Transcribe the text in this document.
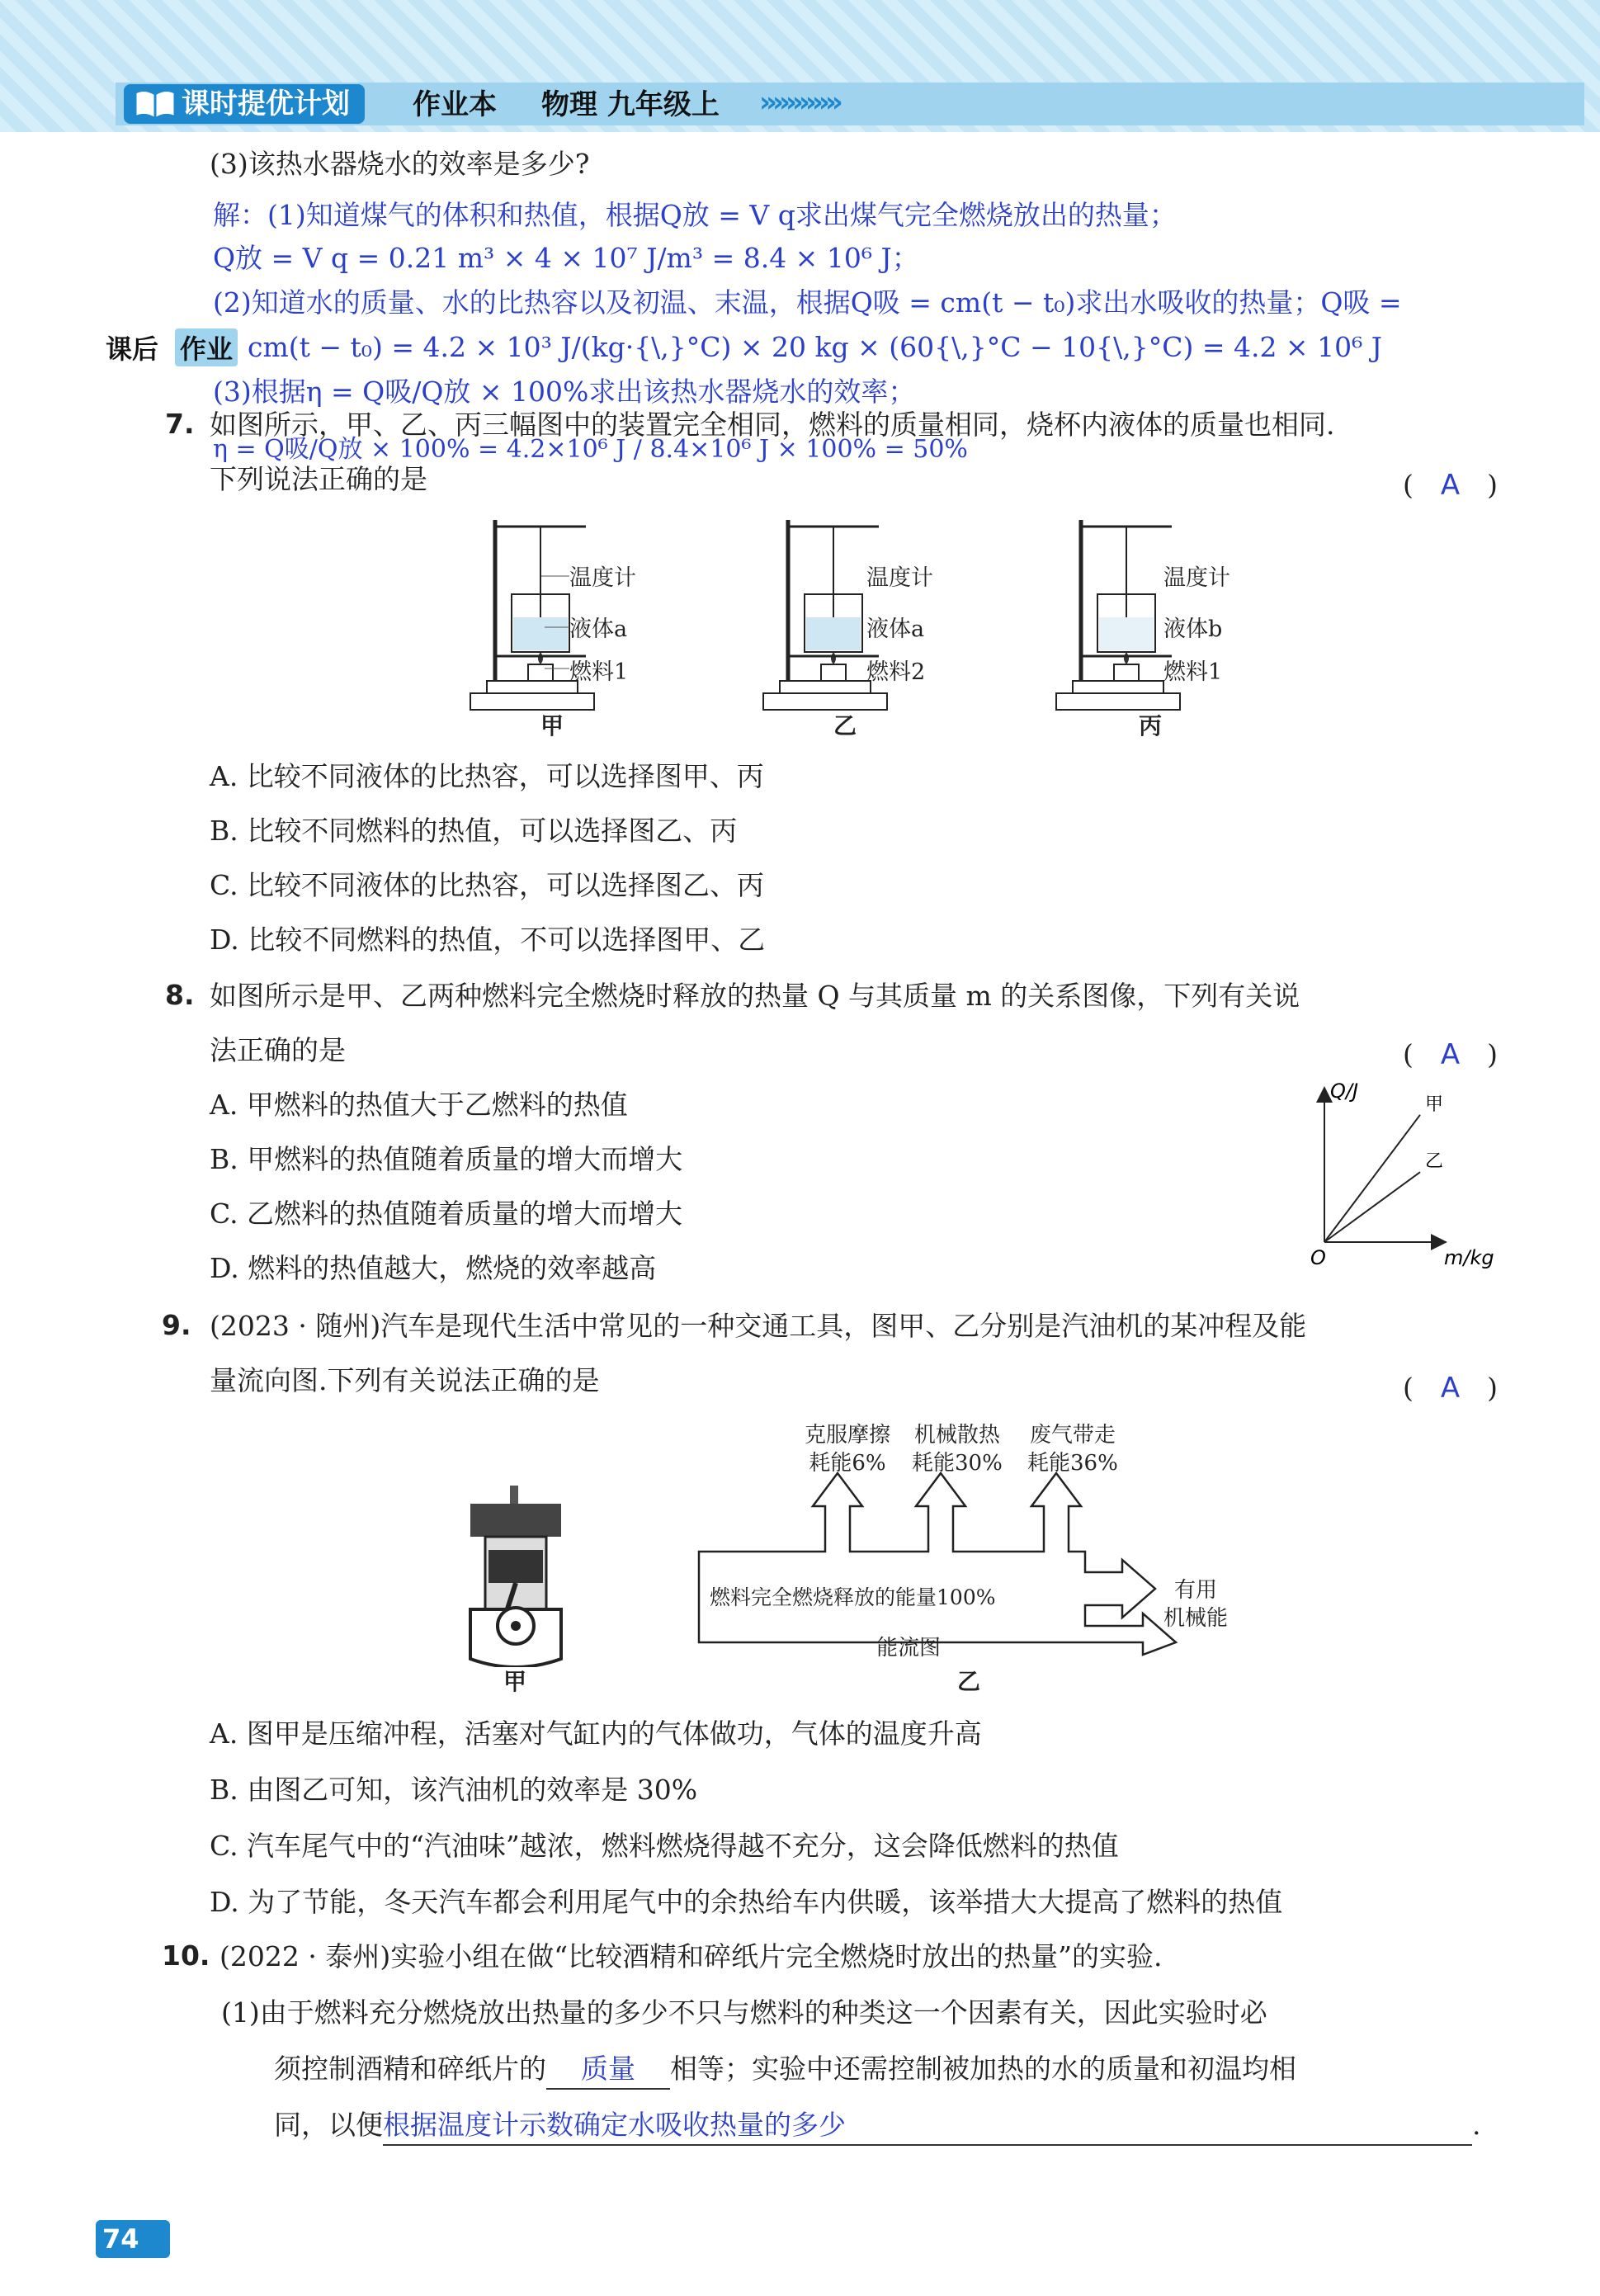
课时提优计划	作业本 物理 九年级上 »»»»»»
(3)该热水器烧水的效率是多少?
解：(1)知道煤气的体积和热值，根据Q放 = V q求出煤气完全燃烧放出的热量；
Q放 = V q = 0.21 m³ × 4 × 10⁷ J/m³ = 8.4 × 10⁶ J；
(2)知道水的质量、水的比热容以及初温、末温，根据Q吸 = cm(t − t₀)求出水吸收的热量；Q吸 =
课后 作业 cm(t − t₀) = 4.2 × 10³ J/(kg·{\,}°C) × 20 kg × (60{\,}°C − 10{\,}°C) = 4.2 × 10⁶ J
(3)根据η = Q吸/Q放 × 100%求出该热水器烧水的效率；
η = Q吸/Q放 × 100% = 4.2×10⁶ J / 8.4×10⁶ J × 100% = 50%
7. 如图所示，甲、乙、丙三幅图中的装置完全相同，燃料的质量相同，烧杯内液体的质量也相同.
下列说法正确的是	(　A　)
温度计
液体a
燃料1
甲
温度计
液体a
燃料2
乙
温度计
液体b
燃料1
丙
A. 比较不同液体的比热容，可以选择图甲、丙
B. 比较不同燃料的热值，可以选择图乙、丙
C. 比较不同液体的比热容，可以选择图乙、丙
D. 比较不同燃料的热值，不可以选择图甲、乙
8. 如图所示是甲、乙两种燃料完全燃烧时释放的热量 Q 与其质量 m 的关系图像，下列有关说
法正确的是	(　A　)
A. 甲燃料的热值大于乙燃料的热值
B. 甲燃料的热值随着质量的增大而增大
C. 乙燃料的热值随着质量的增大而增大
D. 燃料的热值越大，燃烧的效率越高
甲
乙
Q/J
m/kg
O
9. (2023 · 随州)汽车是现代生活中常见的一种交通工具，图甲、乙分别是汽油机的某冲程及能
量流向图.下列有关说法正确的是	(　A　)
甲
克服摩擦
耗能6%
机械散热
耗能30%
废气带走
耗能36%
燃料完全燃烧释放的能量100%	有用
机械能
能流图
乙
A. 图甲是压缩冲程，活塞对气缸内的气体做功，气体的温度升高
B. 由图乙可知，该汽油机的效率是 30%
C. 汽车尾气中的“汽油味”越浓，燃料燃烧得越不充分，这会降低燃料的热值
D. 为了节能，冬天汽车都会利用尾气中的余热给车内供暖，该举措大大提高了燃料的热值
10. (2022 · 泰州)实验小组在做“比较酒精和碎纸片完全燃烧时放出的热量”的实验.
(1)由于燃料充分燃烧放出热量的多少不只与燃料的种类这一个因素有关，因此实验时必
须控制酒精和碎纸片的 质量 相等；实验中还需控制被加热的水的质量和初温均相
同，以便根据温度计示数确定水吸收热量的多少	.
74 ››
